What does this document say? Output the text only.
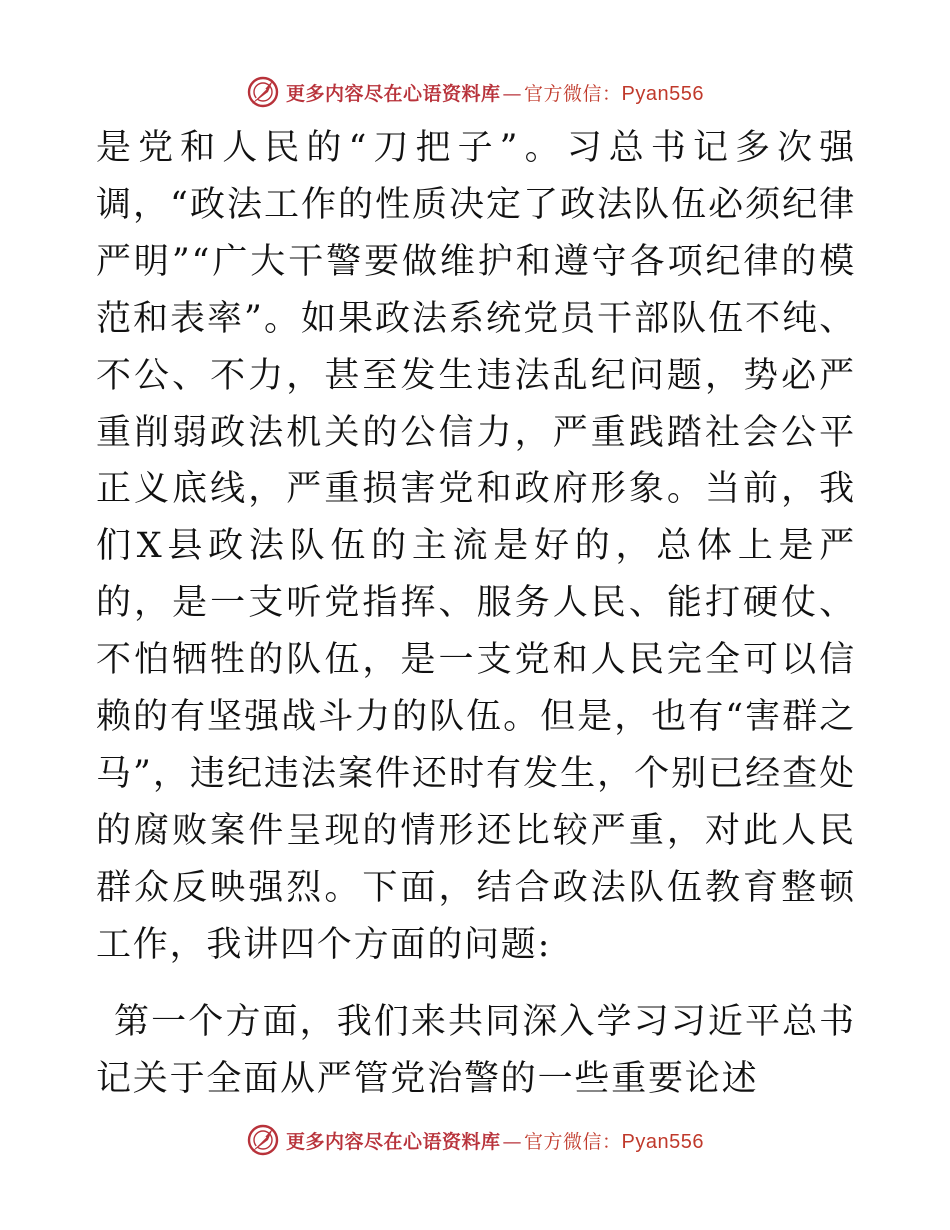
更多内容尽在心语资料库 — 官方微信： Pyan556

是党和人民的“刀把子”。习总书记多次强调，“政法工作的性质决定了政法队伍必须纪律严明”“广大干警要做维护和遵守各项纪律的模范和表率”。如果政法系统党员干部队伍不纯、不公、不力，甚至发生违法乱纪问题，势必严重削弱政法机关的公信力，严重践踏社会公平正义底线，严重损害党和政府形象。当前，我们X县政法队伍的主流是好的，总体上是严的，是一支听党指挥、服务人民、能打硬仗、不怕牺牲的队伍，是一支党和人民完全可以信赖的有坚强战斗力的队伍。但是，也有“害群之马”，违纪违法案件还时有发生，个别已经查处的腐败案件呈现的情形还比较严重，对此人民群众反映强烈。下面，结合政法队伍教育整顿工作，我讲四个方面的问题:

第一个方面，我们来共同深入学习习近平总书记关于全面从严管党治警的一些重要论述

更多内容尽在心语资料库 — 官方微信： Pyan556
